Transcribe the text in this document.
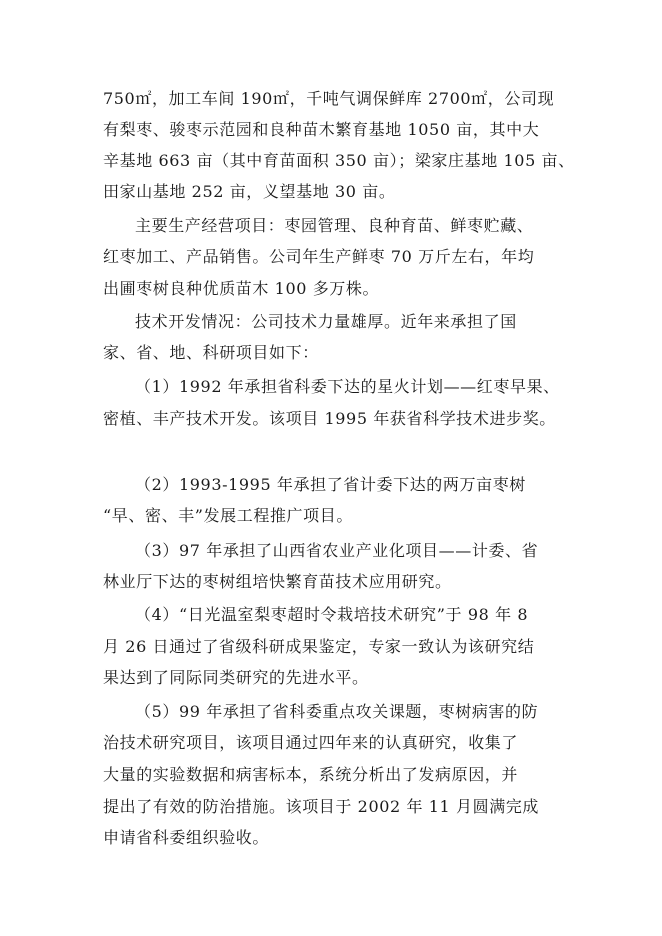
750㎡，加工车间 190㎡，千吨气调保鲜库 2700㎡，公司现
有梨枣、骏枣示范园和良种苗木繁育基地 1050 亩，其中大
辛基地 663 亩（其中育苗面积 350 亩）；梁家庄基地 105 亩、
田家山基地 252 亩，义望基地 30 亩。
主要生产经营项目：枣园管理、良种育苗、鲜枣贮藏、
红枣加工、产品销售。公司年生产鲜枣 70 万斤左右，年均
出圃枣树良种优质苗木 100 多万株。
技术开发情况：公司技术力量雄厚。近年来承担了国
家、省、地、科研项目如下：
（1）1992 年承担省科委下达的星火计划——红枣早果、
密植、丰产技术开发。该项目 1995 年获省科学技术进步奖。
（2）1993-1995 年承担了省计委下达的两万亩枣树
“早、密、丰”发展工程推广项目。
（3）97 年承担了山西省农业产业化项目——计委、省
林业厅下达的枣树组培快繁育苗技术应用研究。
（4）“日光温室梨枣超时令栽培技术研究”于 98 年 8
月 26 日通过了省级科研成果鉴定，专家一致认为该研究结
果达到了同际同类研究的先进水平。
（5）99 年承担了省科委重点攻关课题，枣树病害的防
治技术研究项目，该项目通过四年来的认真研究，收集了
大量的实验数据和病害标本，系统分析出了发病原因，并
提出了有效的防治措施。该项目于 2002 年 11 月圆满完成
申请省科委组织验收。
